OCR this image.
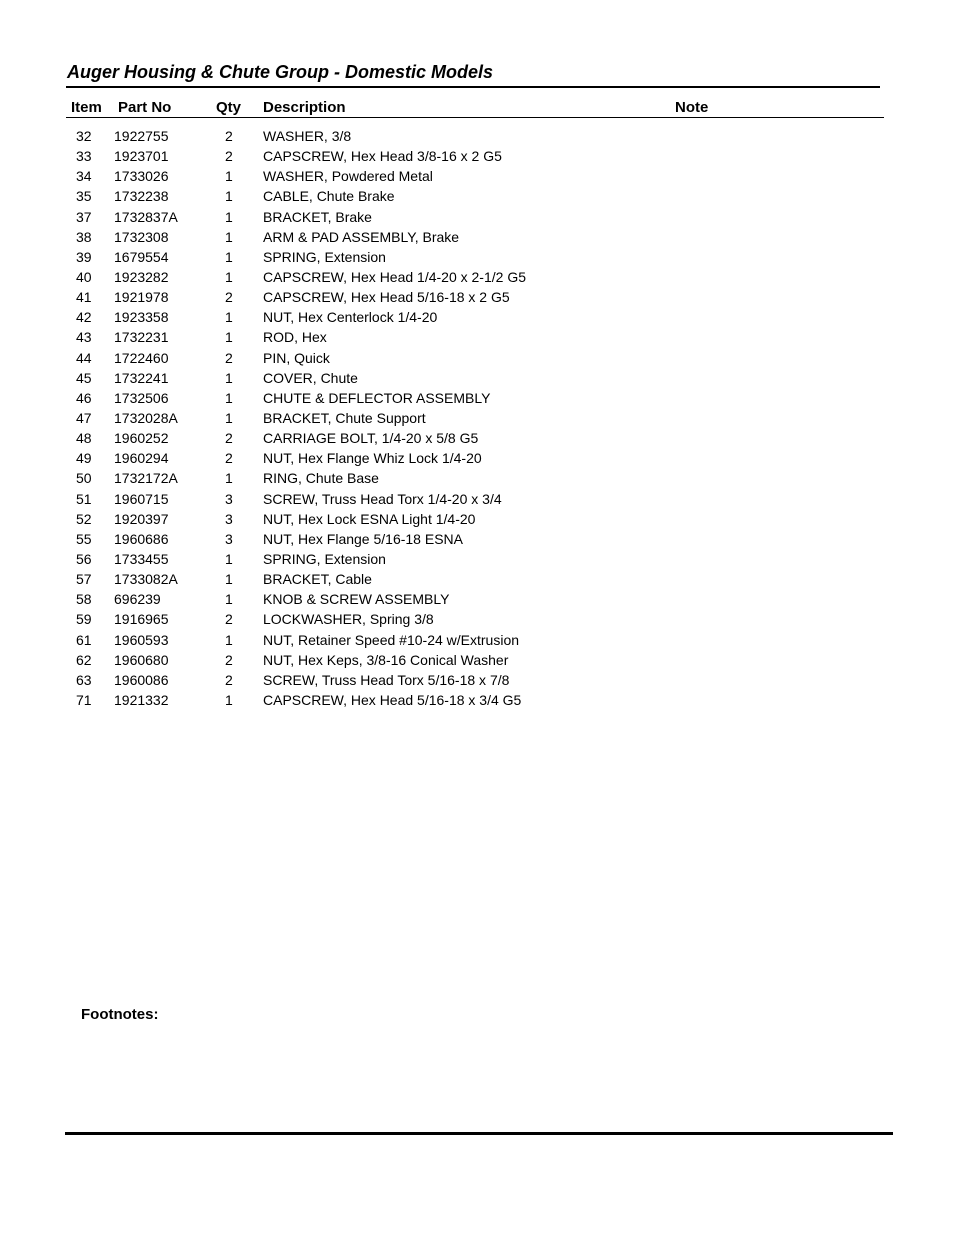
Auger Housing & Chute Group - Domestic Models
Item Part No	Qty Description	Note
32 1922755	2 WASHER, 3/8
33 1923701	2 CAPSCREW, Hex Head 3/8-16 x 2 G5
34 1733026	1 WASHER, Powdered Metal
35 1732238	1 CABLE, Chute Brake
37 1732837A	1 BRACKET, Brake
38 1732308	1 ARM & PAD ASSEMBLY, Brake
39 1679554	1 SPRING, Extension
40 1923282	1 CAPSCREW, Hex Head 1/4-20 x 2-1/2 G5
41 1921978	2 CAPSCREW, Hex Head 5/16-18 x 2 G5
42 1923358	1 NUT, Hex Centerlock 1/4-20
43 1732231	1 ROD, Hex
44 1722460	2 PIN, Quick
45 1732241	1 COVER, Chute
46 1732506	1 CHUTE & DEFLECTOR ASSEMBLY
47 1732028A	1 BRACKET, Chute Support
48 1960252	2 CARRIAGE BOLT, 1/4-20 x 5/8 G5
49 1960294	2 NUT, Hex Flange Whiz Lock 1/4-20
50 1732172A	1 RING, Chute Base
51 1960715	3 SCREW, Truss Head Torx 1/4-20 x 3/4
52 1920397	3 NUT, Hex Lock ESNA Light 1/4-20
55 1960686	3 NUT, Hex Flange 5/16-18 ESNA
56 1733455	1 SPRING, Extension
57 1733082A	1 BRACKET, Cable
58 696239	1 KNOB & SCREW ASSEMBLY
59 1916965	2 LOCKWASHER, Spring 3/8
61 1960593	1 NUT, Retainer Speed #10-24 w/Extrusion
62 1960680	2 NUT, Hex Keps, 3/8-16 Conical Washer
63 1960086	2 SCREW, Truss Head Torx 5/16-18 x 7/8
71 1921332	1 CAPSCREW, Hex Head 5/16-18 x 3/4 G5
Footnotes:
